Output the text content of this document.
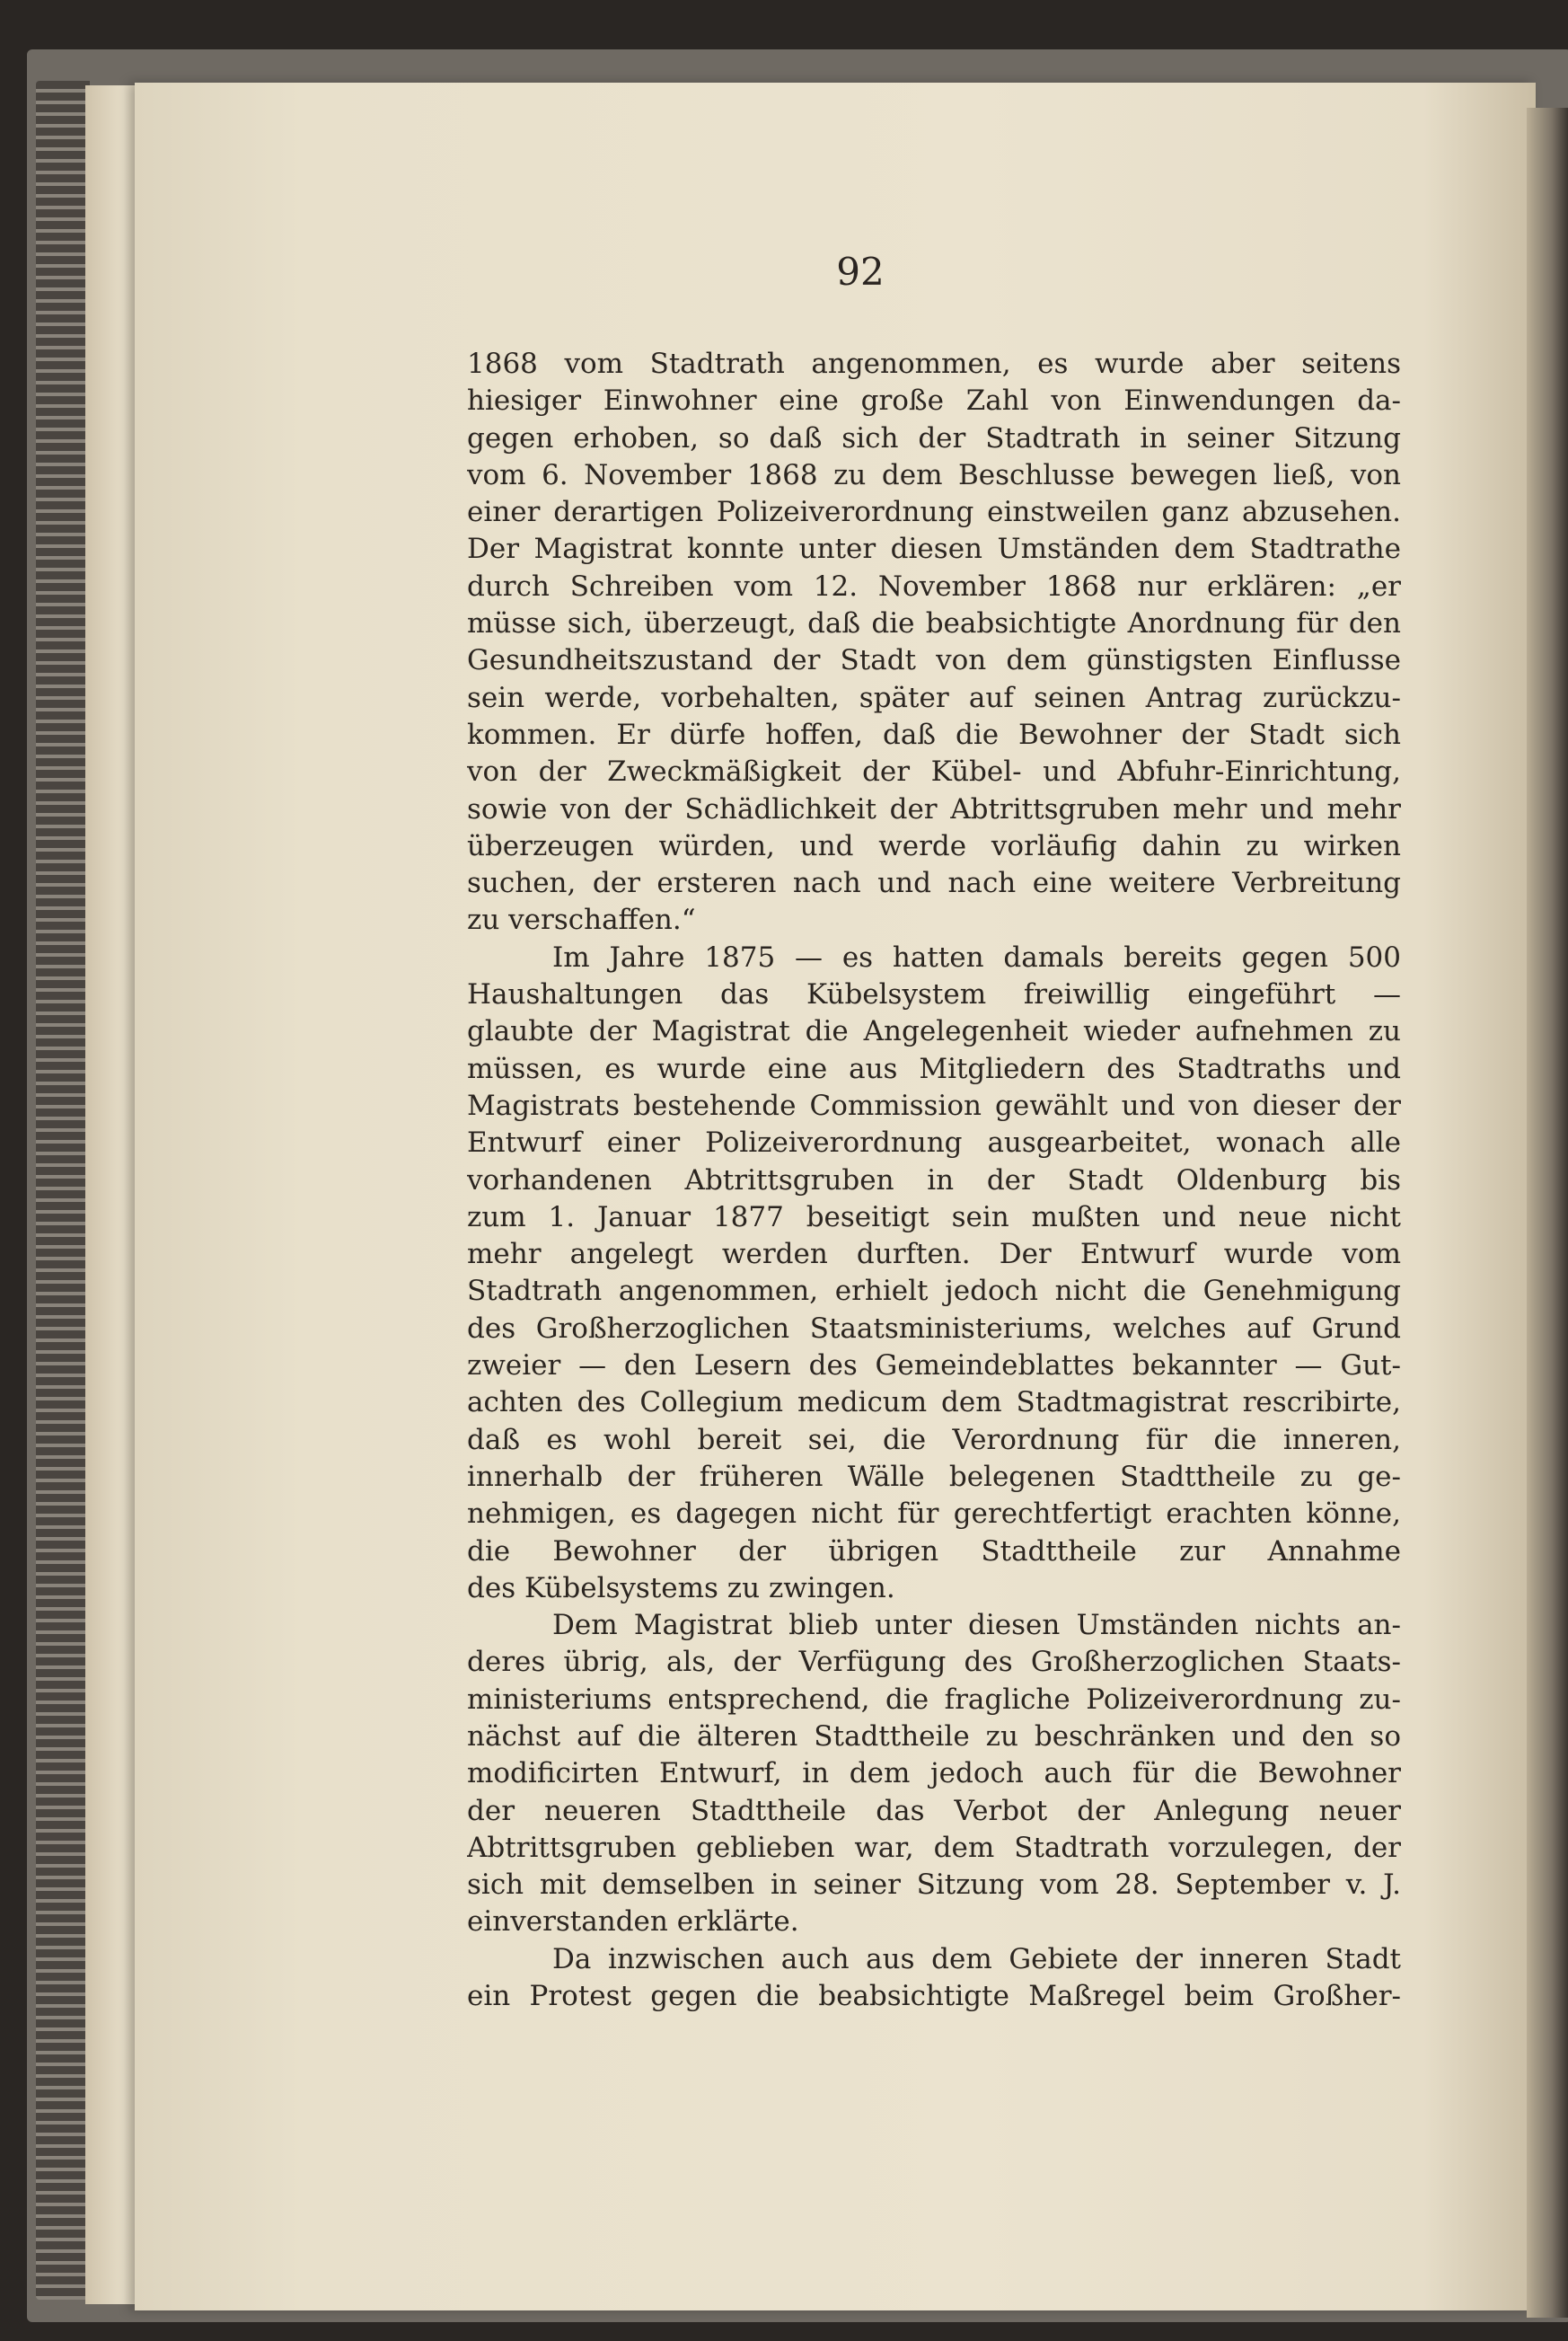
92
1868 vom Stadtrath angenommen, es wurde aber seitens
hiesiger Einwohner eine große Zahl von Einwendungen da-
gegen erhoben, so daß sich der Stadtrath in seiner Sitzung
vom 6. November 1868 zu dem Beschlusse bewegen ließ, von
einer derartigen Polizeiverordnung einstweilen ganz abzusehen.
Der Magistrat konnte unter diesen Umständen dem Stadtrathe
durch Schreiben vom 12. November 1868 nur erklären: „er
müsse sich, überzeugt, daß die beabsichtigte Anordnung für den
Gesundheitszustand der Stadt von dem günstigsten Einflusse
sein werde, vorbehalten, später auf seinen Antrag zurückzu-
kommen. Er dürfe hoffen, daß die Bewohner der Stadt sich
von der Zweckmäßigkeit der Kübel- und Abfuhr-Einrichtung,
sowie von der Schädlichkeit der Abtrittsgruben mehr und mehr
überzeugen würden, und werde vorläufig dahin zu wirken
suchen, der ersteren nach und nach eine weitere Verbreitung
zu verschaffen.“
Im Jahre 1875 — es hatten damals bereits gegen 500
Haushaltungen das Kübelsystem freiwillig eingeführt —
glaubte der Magistrat die Angelegenheit wieder aufnehmen zu
müssen, es wurde eine aus Mitgliedern des Stadtraths und
Magistrats bestehende Commission gewählt und von dieser der
Entwurf einer Polizeiverordnung ausgearbeitet, wonach alle
vorhandenen Abtrittsgruben in der Stadt Oldenburg bis
zum 1. Januar 1877 beseitigt sein mußten und neue nicht
mehr angelegt werden durften. Der Entwurf wurde vom
Stadtrath angenommen, erhielt jedoch nicht die Genehmigung
des Großherzoglichen Staatsministeriums, welches auf Grund
zweier — den Lesern des Gemeindeblattes bekannter — Gut-
achten des Collegium medicum dem Stadtmagistrat rescribirte,
daß es wohl bereit sei, die Verordnung für die inneren,
innerhalb der früheren Wälle belegenen Stadttheile zu ge-
nehmigen, es dagegen nicht für gerechtfertigt erachten könne,
die Bewohner der übrigen Stadttheile zur Annahme
des Kübelsystems zu zwingen.
Dem Magistrat blieb unter diesen Umständen nichts an-
deres übrig, als, der Verfügung des Großherzoglichen Staats-
ministeriums entsprechend, die fragliche Polizeiverordnung zu-
nächst auf die älteren Stadttheile zu beschränken und den so
modificirten Entwurf, in dem jedoch auch für die Bewohner
der neueren Stadttheile das Verbot der Anlegung neuer
Abtrittsgruben geblieben war, dem Stadtrath vorzulegen, der
sich mit demselben in seiner Sitzung vom 28. September v. J.
einverstanden erklärte.
Da inzwischen auch aus dem Gebiete der inneren Stadt
ein Protest gegen die beabsichtigte Maßregel beim Großher-
